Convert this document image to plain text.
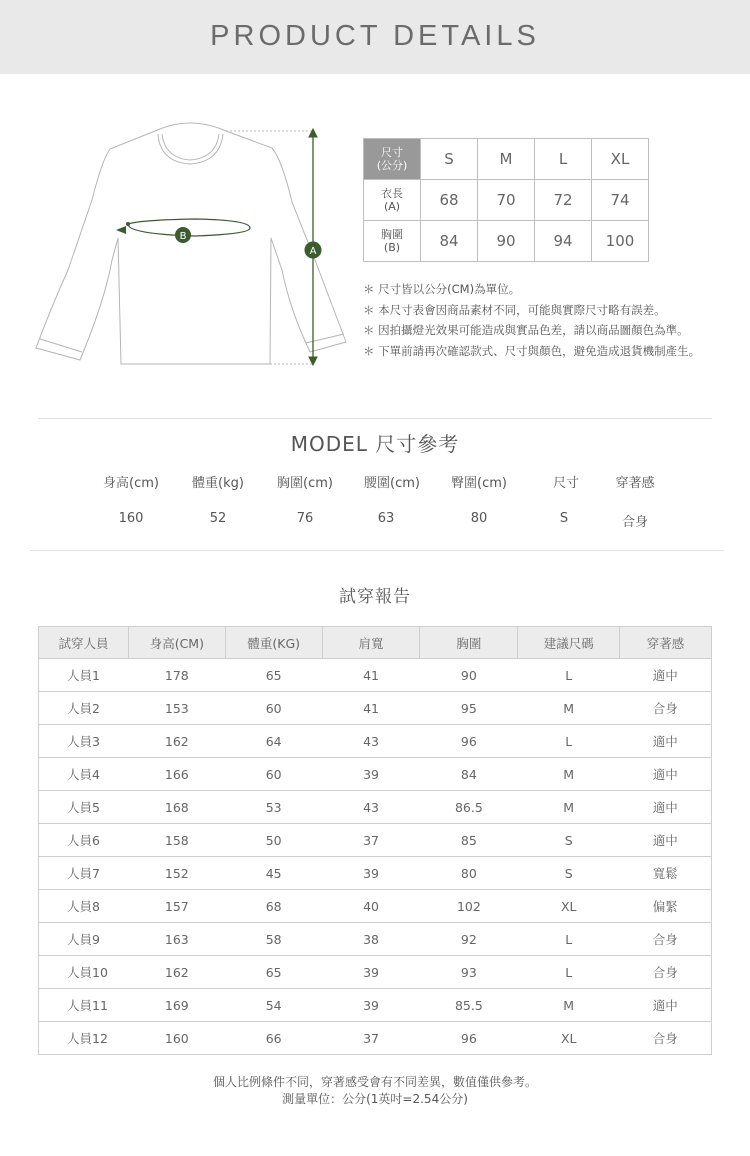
PRODUCT DETAILS
A
B
尺寸
(公分)	S	M	L	XL

衣長
(A)	68	70	72	74

胸圍
(B)	84	90	94	100
＊ 尺寸皆以公分(CM)為單位。
＊ 本尺寸表會因商品素材不同，可能與實際尺寸略有誤差。
＊ 因拍攝燈光效果可能造成與實品色差，請以商品圖顏色為準。
＊ 下單前請再次確認款式、尺寸與顏色，避免造成退貨機制產生。
MODEL 尺寸參考
身高(cm)	體重(kg)	胸圍(cm)	腰圍(cm)	臀圍(cm)	尺寸	穿著感
160	52	76	63	80	S	合身
試穿報告
試穿人員	身高(CM)	體重(KG)	肩寬	胸圍	建議尺碼	穿著感
人員1	178	65	41	90	L	適中
人員2	153	60	41	95	M	合身
人員3	162	64	43	96	L	適中
人員4	166	60	39	84	M	適中
人員5	168	53	43	86.5	M	適中
人員6	158	50	37	85	S	適中
人員7	152	45	39	80	S	寬鬆
人員8	157	68	40	102	XL	偏緊
人員9	163	58	38	92	L	合身
人員10	162	65	39	93	L	合身
人員11	169	54	39	85.5	M	適中
人員12	160	66	37	96	XL	合身
個人比例條件不同，穿著感受會有不同差異，數值僅供參考。
測量單位：公分(1英吋=2.54公分)
